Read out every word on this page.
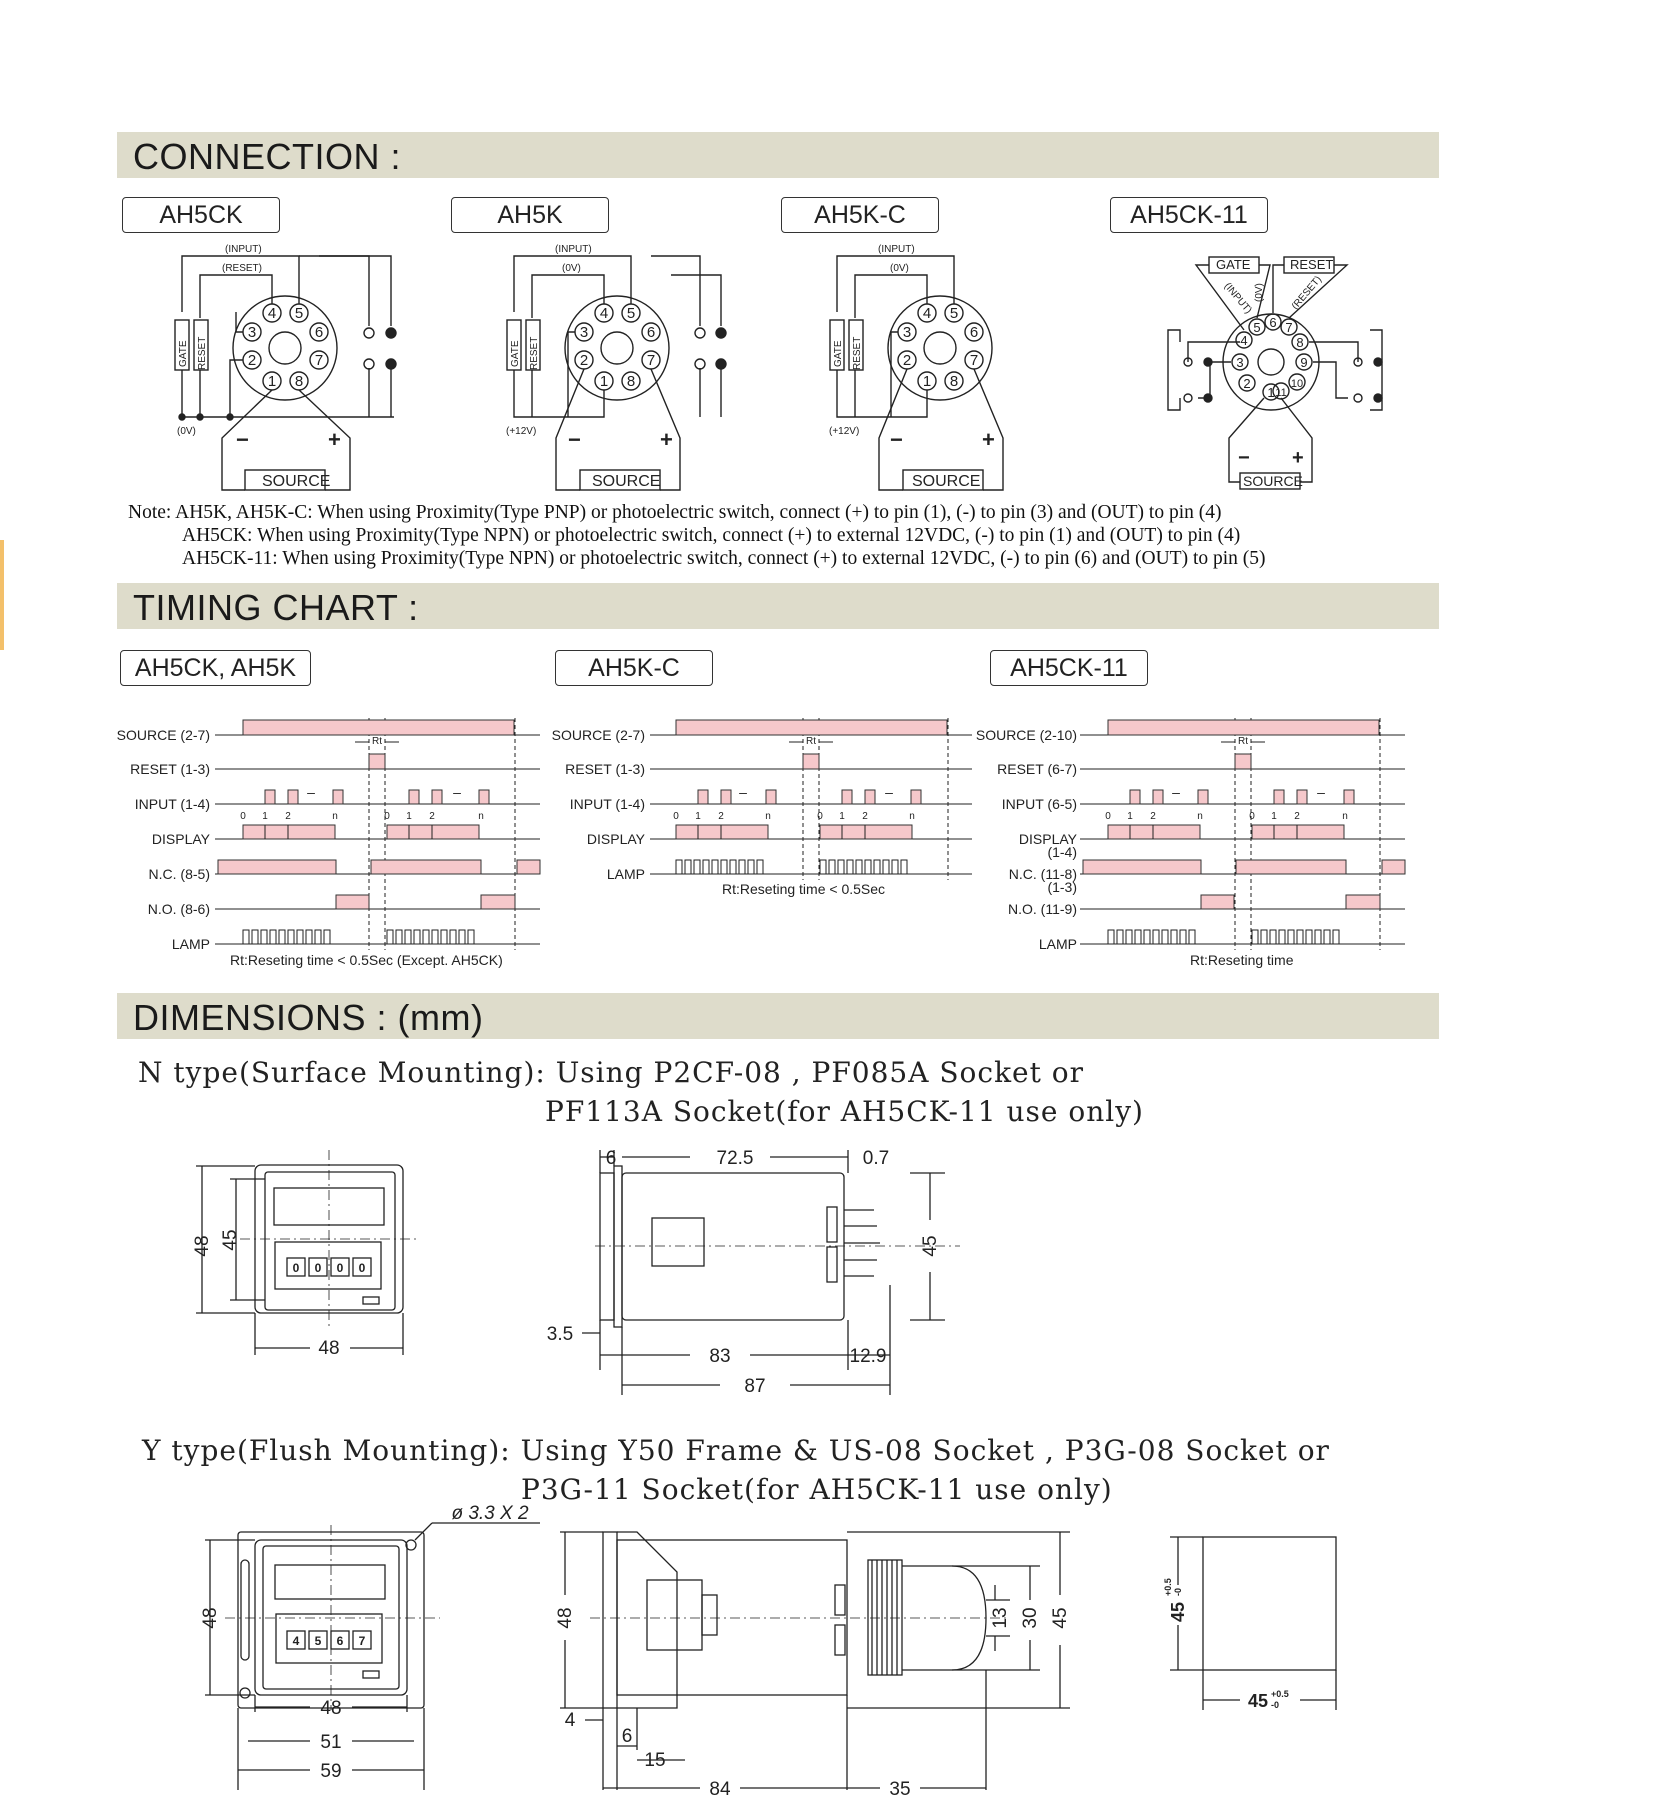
CONNECTION :
TIMING CHART :
DIMENSIONS : (mm)
AH5CK	AH5K	AH5K-C	AH5CK-11
1
2
3
4 5
6
7
8
(INPUT)
(RESET)
(0V)
GATE RESET
SOURCE
−	+
1
2
3
4 5
6
7
8
(INPUT)
(0V)
(+12V)
GATE RESET
SOURCE
−	+
1
2
3
4 5
6
7
8
(INPUT)
(0V)
(+12V)
GATE RESET
SOURCE
−	+
1
2
3
4
5 6 7
8
9
10
11
GATE	RESET
(INPUT) (0V) (RESET)
SOURCE
− +
Note: AH5K, AH5K-C: When using Proximity(Type PNP) or photoelectric switch, connect (+) to pin (1), (-) to pin (3) and (OUT) to pin (4)
AH5CK: When using Proximity(Type NPN) or photoelectric switch, connect (+) to external 12VDC, (-) to pin (1) and (OUT) to pin (4)
AH5CK-11: When using Proximity(Type NPN) or photoelectric switch, connect (+) to external 12VDC, (-) to pin (6) and (OUT) to pin (5)
AH5CK, AH5K	AH5K-C	AH5CK-11
SOURCE (2-7)
RESET (1-3)
INPUT (1-4)
DISPLAY
N.C. (8-5)
N.O. (8-6)
LAMP
Rt
0 1 2	n	0 1 2	n
–	–
Rt:Reseting time < 0.5Sec (Except. AH5CK)
SOURCE (2-7)
RESET (1-3)
INPUT (1-4)
DISPLAY
LAMP
Rt
0 1 2	n	0 1 2	n
–	–
Rt:Reseting time < 0.5Sec
SOURCE (2-10)
RESET (6-7)
INPUT (6-5)
DISPLAY
(1-4)
N.C. (11-8)
(1-3)
N.O. (11-9)
LAMP
Rt
0 1 2	n	0 1 2	n
–	–
Rt:Reseting time
N type(Surface Mounting): Using P2CF-08 , PF085A Socket or
PF113A Socket(for AH5CK-11 use only)
Y type(Flush Mounting): Using Y50 Frame & US-08 Socket , P3G-08 Socket or
P3G-11 Socket(for AH5CK-11 use only)
0 0 0 0
48 45
48
6	72.5	0.7
45
3.5
83	12.9
87
4 5 6 7
ø 3.3 X 2
48
48
51
59
48	13 30 45
4
6
15
84	35
45
+0.5 -0
45 +0.5
-0
